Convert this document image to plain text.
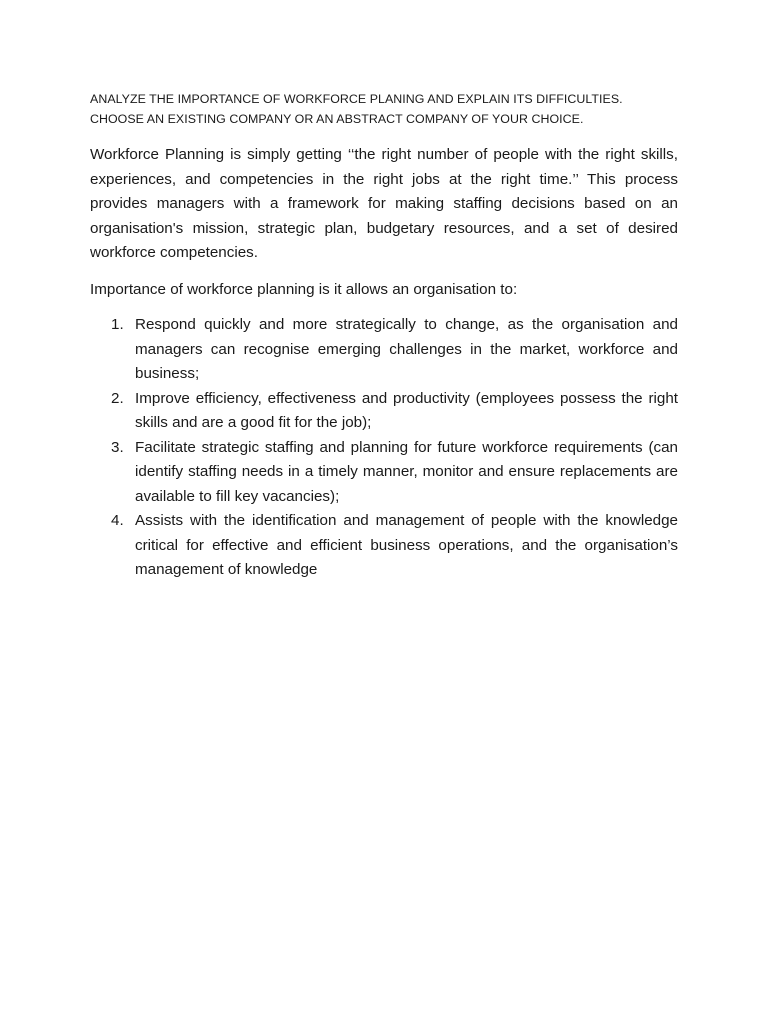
ANALYZE THE IMPORTANCE OF WORKFORCE PLANING AND EXPLAIN ITS DIFFICULTIES. CHOOSE AN EXISTING COMPANY OR AN ABSTRACT COMPANY OF YOUR CHOICE.

Workforce Planning is simply getting ‘‘the right number of people with the right skills, experiences, and competencies in the right jobs at the right time.’’ This process provides managers with a framework for making staffing decisions based on an organisation's mission, strategic plan, budgetary resources, and a set of desired workforce competencies.

Importance of workforce planning is it allows an organisation to:

1. Respond quickly and more strategically to change, as the organisation and managers can recognise emerging challenges in the market, workforce and business;
2. Improve efficiency, effectiveness and productivity (employees possess the right skills and are a good fit for the job);
3. Facilitate strategic staffing and planning for future workforce requirements (can identify staffing needs in a timely manner, monitor and ensure replacements are available to fill key vacancies);
4. Assists with the identification and management of people with the knowledge critical for effective and efficient business operations, and the organisation’s management of knowledge
